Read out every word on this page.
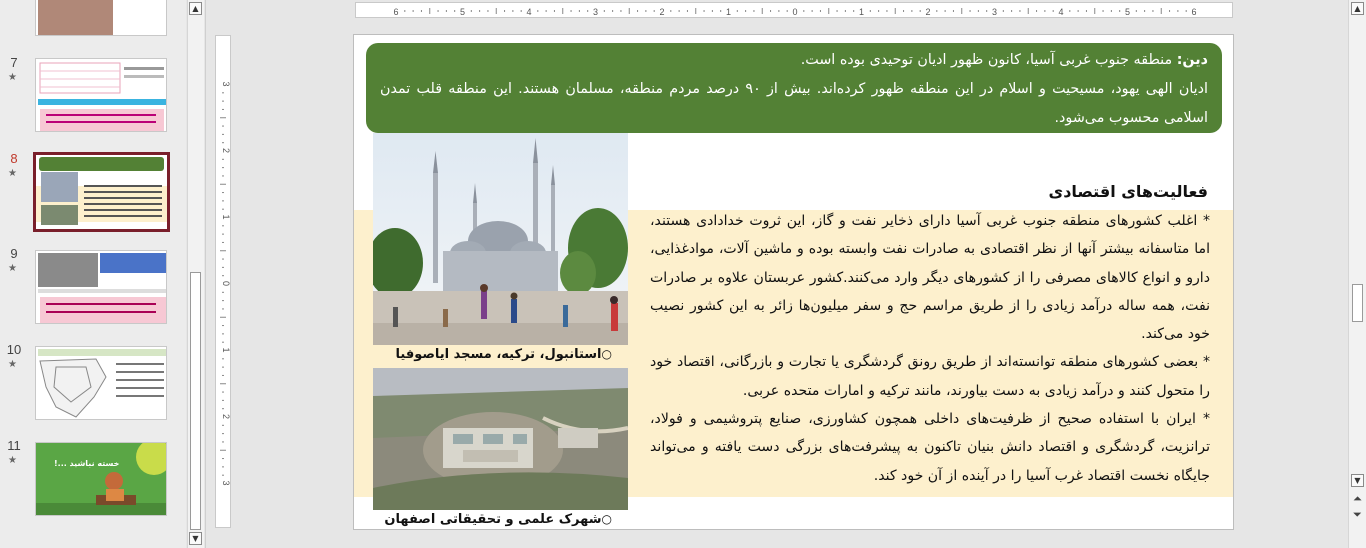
7
★
8
★
9
★
10
★
11
★	خسته نباشید ...!
▲
▼
6	5	4	3	2	1	0	1	2	3	4	5	6
3
2
1
0
1
2
3
دین: منطقه جنوب غربی آسیا، کانون ظهور ادیان توحیدی بوده است.
ادیان الهی یهود، مسیحیت و اسلام در این منطقه ظهور کرده‌اند. بیش از ۹۰ درصد مردم منطقه، مسلمان هستند. این منطقه قلب تمدن اسلامی محسوب می‌شود.
○استانبول، ترکیه، مسجد ایاصوفیا
○شهرک علمی و تحقیقاتی اصفهان
فعالیت‌های اقتصادی

* اغلب کشورهای منطقه جنوب غربی آسیا دارای ذخایر نفت و گاز، این ثروت خدادادی هستند، اما متاسفانه بیشتر آنها از نظر اقتصادی به صادرات نفت وابسته بوده و ماشین آلات، موادغذایی، دارو و انواع کالاهای مصرفی را از کشورهای دیگر وارد می‌کنند.کشور عربستان علاوه بر صادرات نفت، همه ساله درآمد زیادی را از طریق مراسم حج و سفر میلیون‌ها زائر به این کشور نصیب خود می‌کند.

* بعضی کشورهای منطقه توانسته‌اند از طریق رونق گردشگری یا تجارت و بازرگانی، اقتصاد خود را متحول کنند و درآمد زیادی به دست بیاورند، مانند ترکیه و امارات متحده عربی.

* ایران با استفاده صحیح از ظرفیت‌های داخلی همچون کشاورزی، صنایع پتروشیمی و فولاد، ترانزیت، گردشگری و اقتصاد دانش بنیان تاکنون به پیشرفت‌های بزرگی دست یافته و می‌تواند جایگاه نخست اقتصاد غرب آسیا را در آینده از آن خود کند.

▲
▼
⏶
⏷
